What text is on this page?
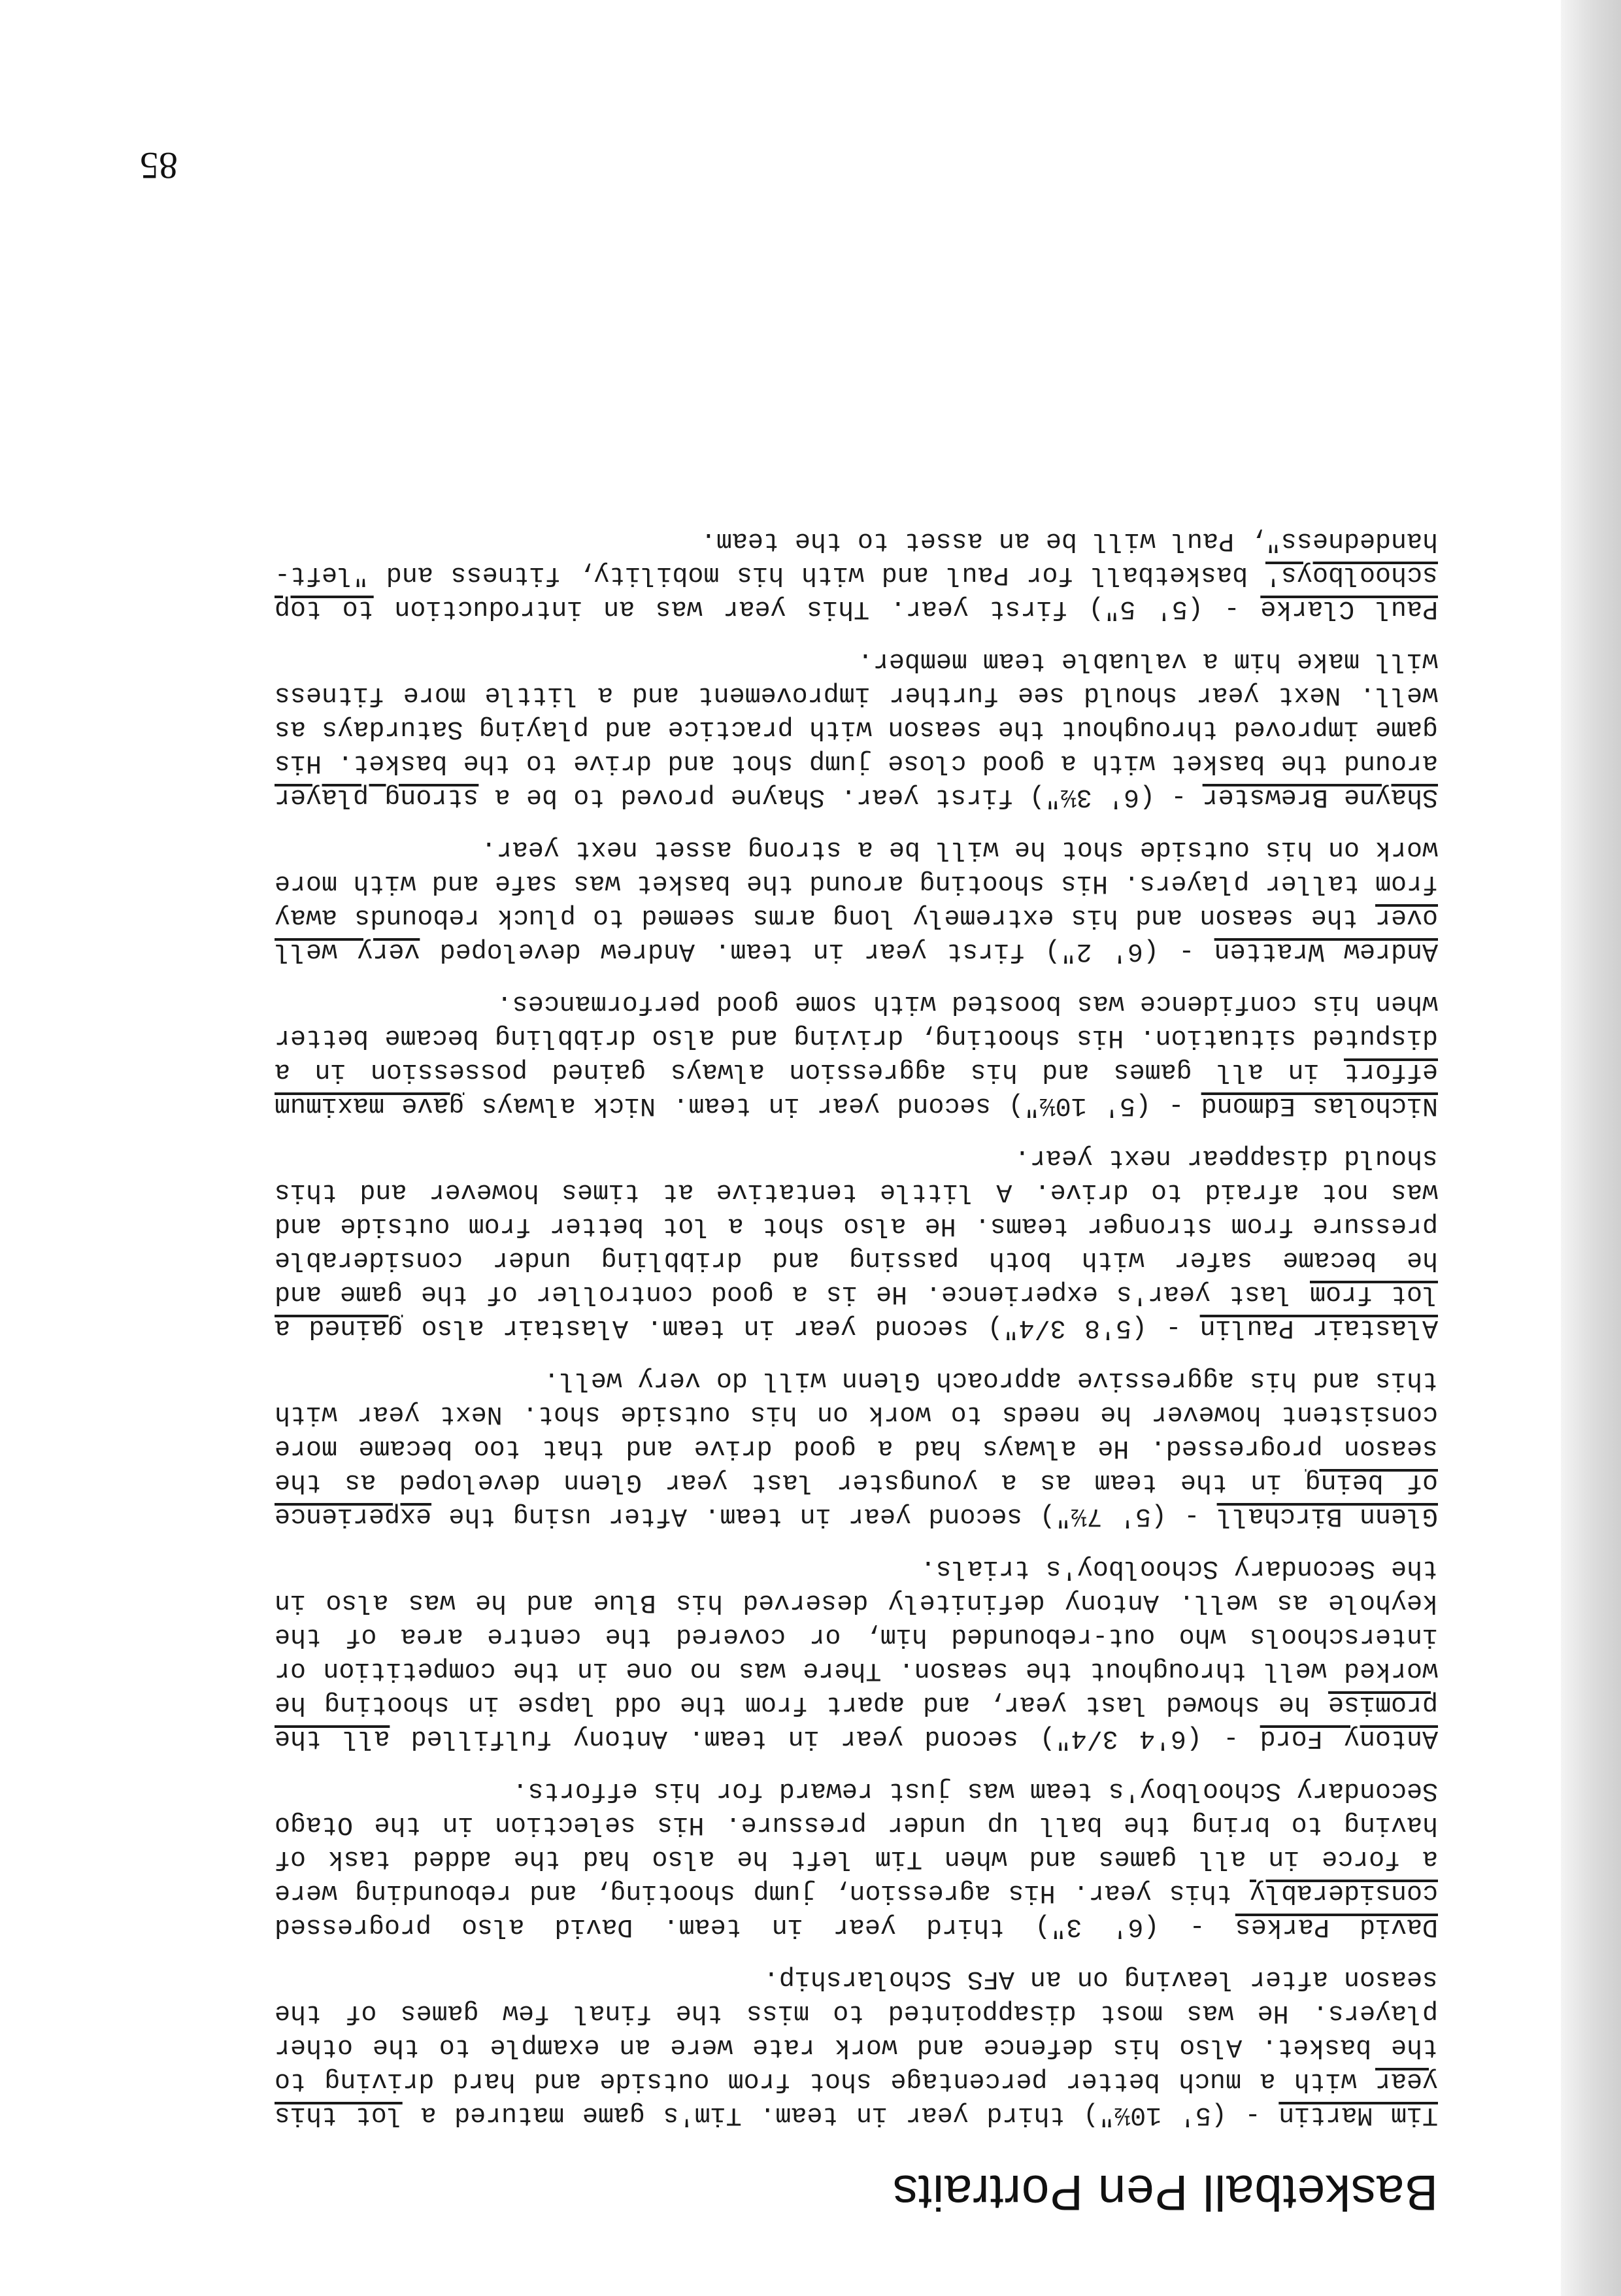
Basketball Pen Portraits

Tim Martin - (5' 10½") third year in team. Tim's game matured a lot this year with a much better percentage shot from outside and hard driving to the basket. Also his defence and work rate were an example to the other players. He was most disappointed to miss the final few games of the season after leaving on an AFS Scholarship.

David Parkes - (6' 3") third year in team. David also progressed considerably this year. His agression, jump shooting, and rebounding were a force in all games and when Tim left he also had the added task of having to bring the ball up under pressure. His selection in the Otago Secondary Schoolboy's team was just reward for his efforts.

Antony Ford - (6'4 3/4") second year in team. Antony fulfilled all the promise he showed last year, and apart from the odd lapse in shooting he worked well throughout the season. There was no one in the competition or interschools who out-rebounded him, or covered the centre area of the keyhole as well. Antony definitely deserved his Blue and he was also in the Secondary Schoolboy's trials.

Glenn Birchall - (5' 7½") second year in team. After using the experience of being in the team as a youngster last year Glenn developed as the season progressed. He always had a good drive and that too became more consistent however he needs to work on his outside shot. Next year with this and his aggressive approach Glenn will do very well.

Alastair Paulin - (5'8 3/4") second year in team. Alastair also gained a lot from last year's experience. He is a good controller of the game and he became safer with both passing and dribbling under considerable pressure from stronger teams. He also shot a lot better from outside and was not afraid to drive. A little tentative at times however and this should disappear next year.

Nicholas Edmond - (5' 10½") second year in team. Nick always gave maximum effort in all games and his aggression always gained possession in a disputed situation. His shooting, driving and also dribbling became better when his confidence was boosted with some good performances.

Andrew Wratten - (6' 2") first year in team. Andrew developed very well over the season and his extremely long arms seemed to pluck rebounds away from taller players. His shooting around the basket was safe and with more work on his outside shot he will be a strong asset next year.

Shayne Brewster - (6' 3½") first year. Shayne proved to be a strong player around the basket with a good close jump shot and drive to the basket. His game improved throughout the season with practice and playing Saturdays as well. Next year should see further improvement and a little more fitness will make him a valuable team member.

Paul Clarke - (5' 5") first year. This year was an introduction to top schoolboys' basketball for Paul and with his mobility, fitness and "left-handedness", Paul will be an asset to the team.

85
